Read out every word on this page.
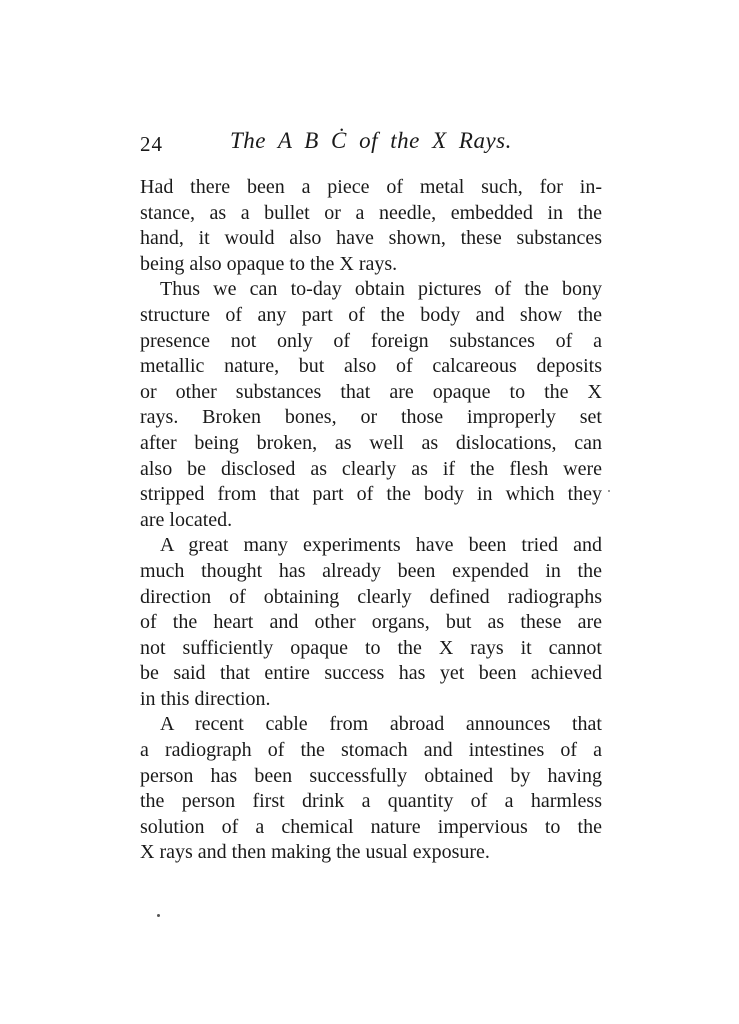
24	The A B Ċ of the X Rays.
Had there been a piece of metal such, for in-
stance, as a bullet or a needle, embedded in the
hand, it would also have shown, these substances
being also opaque to the X rays.
Thus we can to-day obtain pictures of the bony
structure of any part of the body and show the
presence not only of foreign substances of a
metallic nature, but also of calcareous deposits
or other substances that are opaque to the X
rays. Broken bones, or those improperly set
after being broken, as well as dislocations, can
also be disclosed as clearly as if the flesh were
stripped from that part of the body in which they
are located.
A great many experiments have been tried and
much thought has already been expended in the
direction of obtaining clearly defined radiographs
of the heart and other organs, but as these are
not sufficiently opaque to the X rays it cannot
be said that entire success has yet been achieved
in this direction.
A recent cable from abroad announces that
a radiograph of the stomach and intestines of a
person has been successfully obtained by having
the person first drink a quantity of a harmless
solution of a chemical nature impervious to the
X rays and then making the usual exposure.
